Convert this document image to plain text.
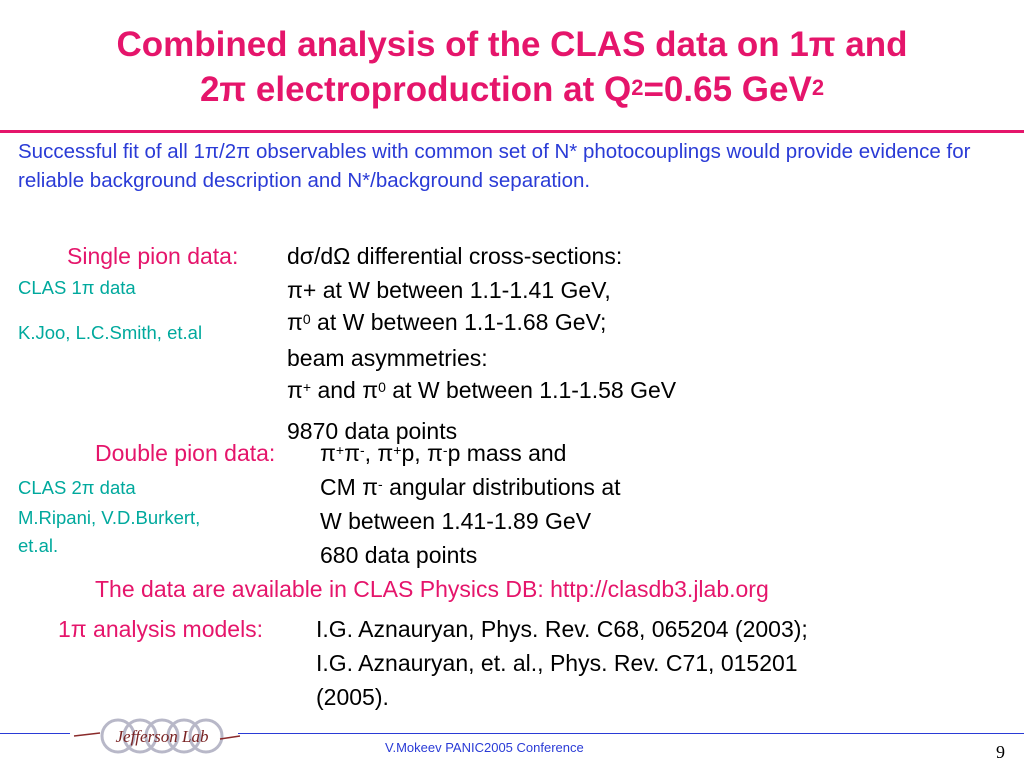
Combined analysis of the CLAS data on 1π and
2π electroproduction at $Q^2=0.65$ GeV$^2$
Successful fit of all 1π/2π observables with common set of N* photocouplings would provide evidence for reliable background description and N*/background separation.
Single pion data: dσ/dΩ differential cross-sections:
π+ at W between 1.1-1.41 GeV,
$\pi^0$ at W between 1.1-1.68 GeV;
beam asymmetries:
π+ and $\pi^0$ at W between 1.1-1.58 GeV
9870 data points
CLAS 1π data
K.Joo, L.C.Smith, et.al
Double pion data: π+π-, π+p, π-p mass and
CM π- angular distributions at
W between 1.41-1.89 GeV
680 data points
CLAS 2π data
M.Ripani, V.D.Burkert,
et.al.
The data are available in CLAS Physics DB: http://clasdb3.jlab.org
1π analysis models: I.G. Aznauryan, Phys. Rev. C68, 065204 (2003);
I.G. Aznauryan, et. al., Phys. Rev. C71, 015201
(2005).
Jefferson Lab
V.Mokeev PANIC2005 Conference	9
